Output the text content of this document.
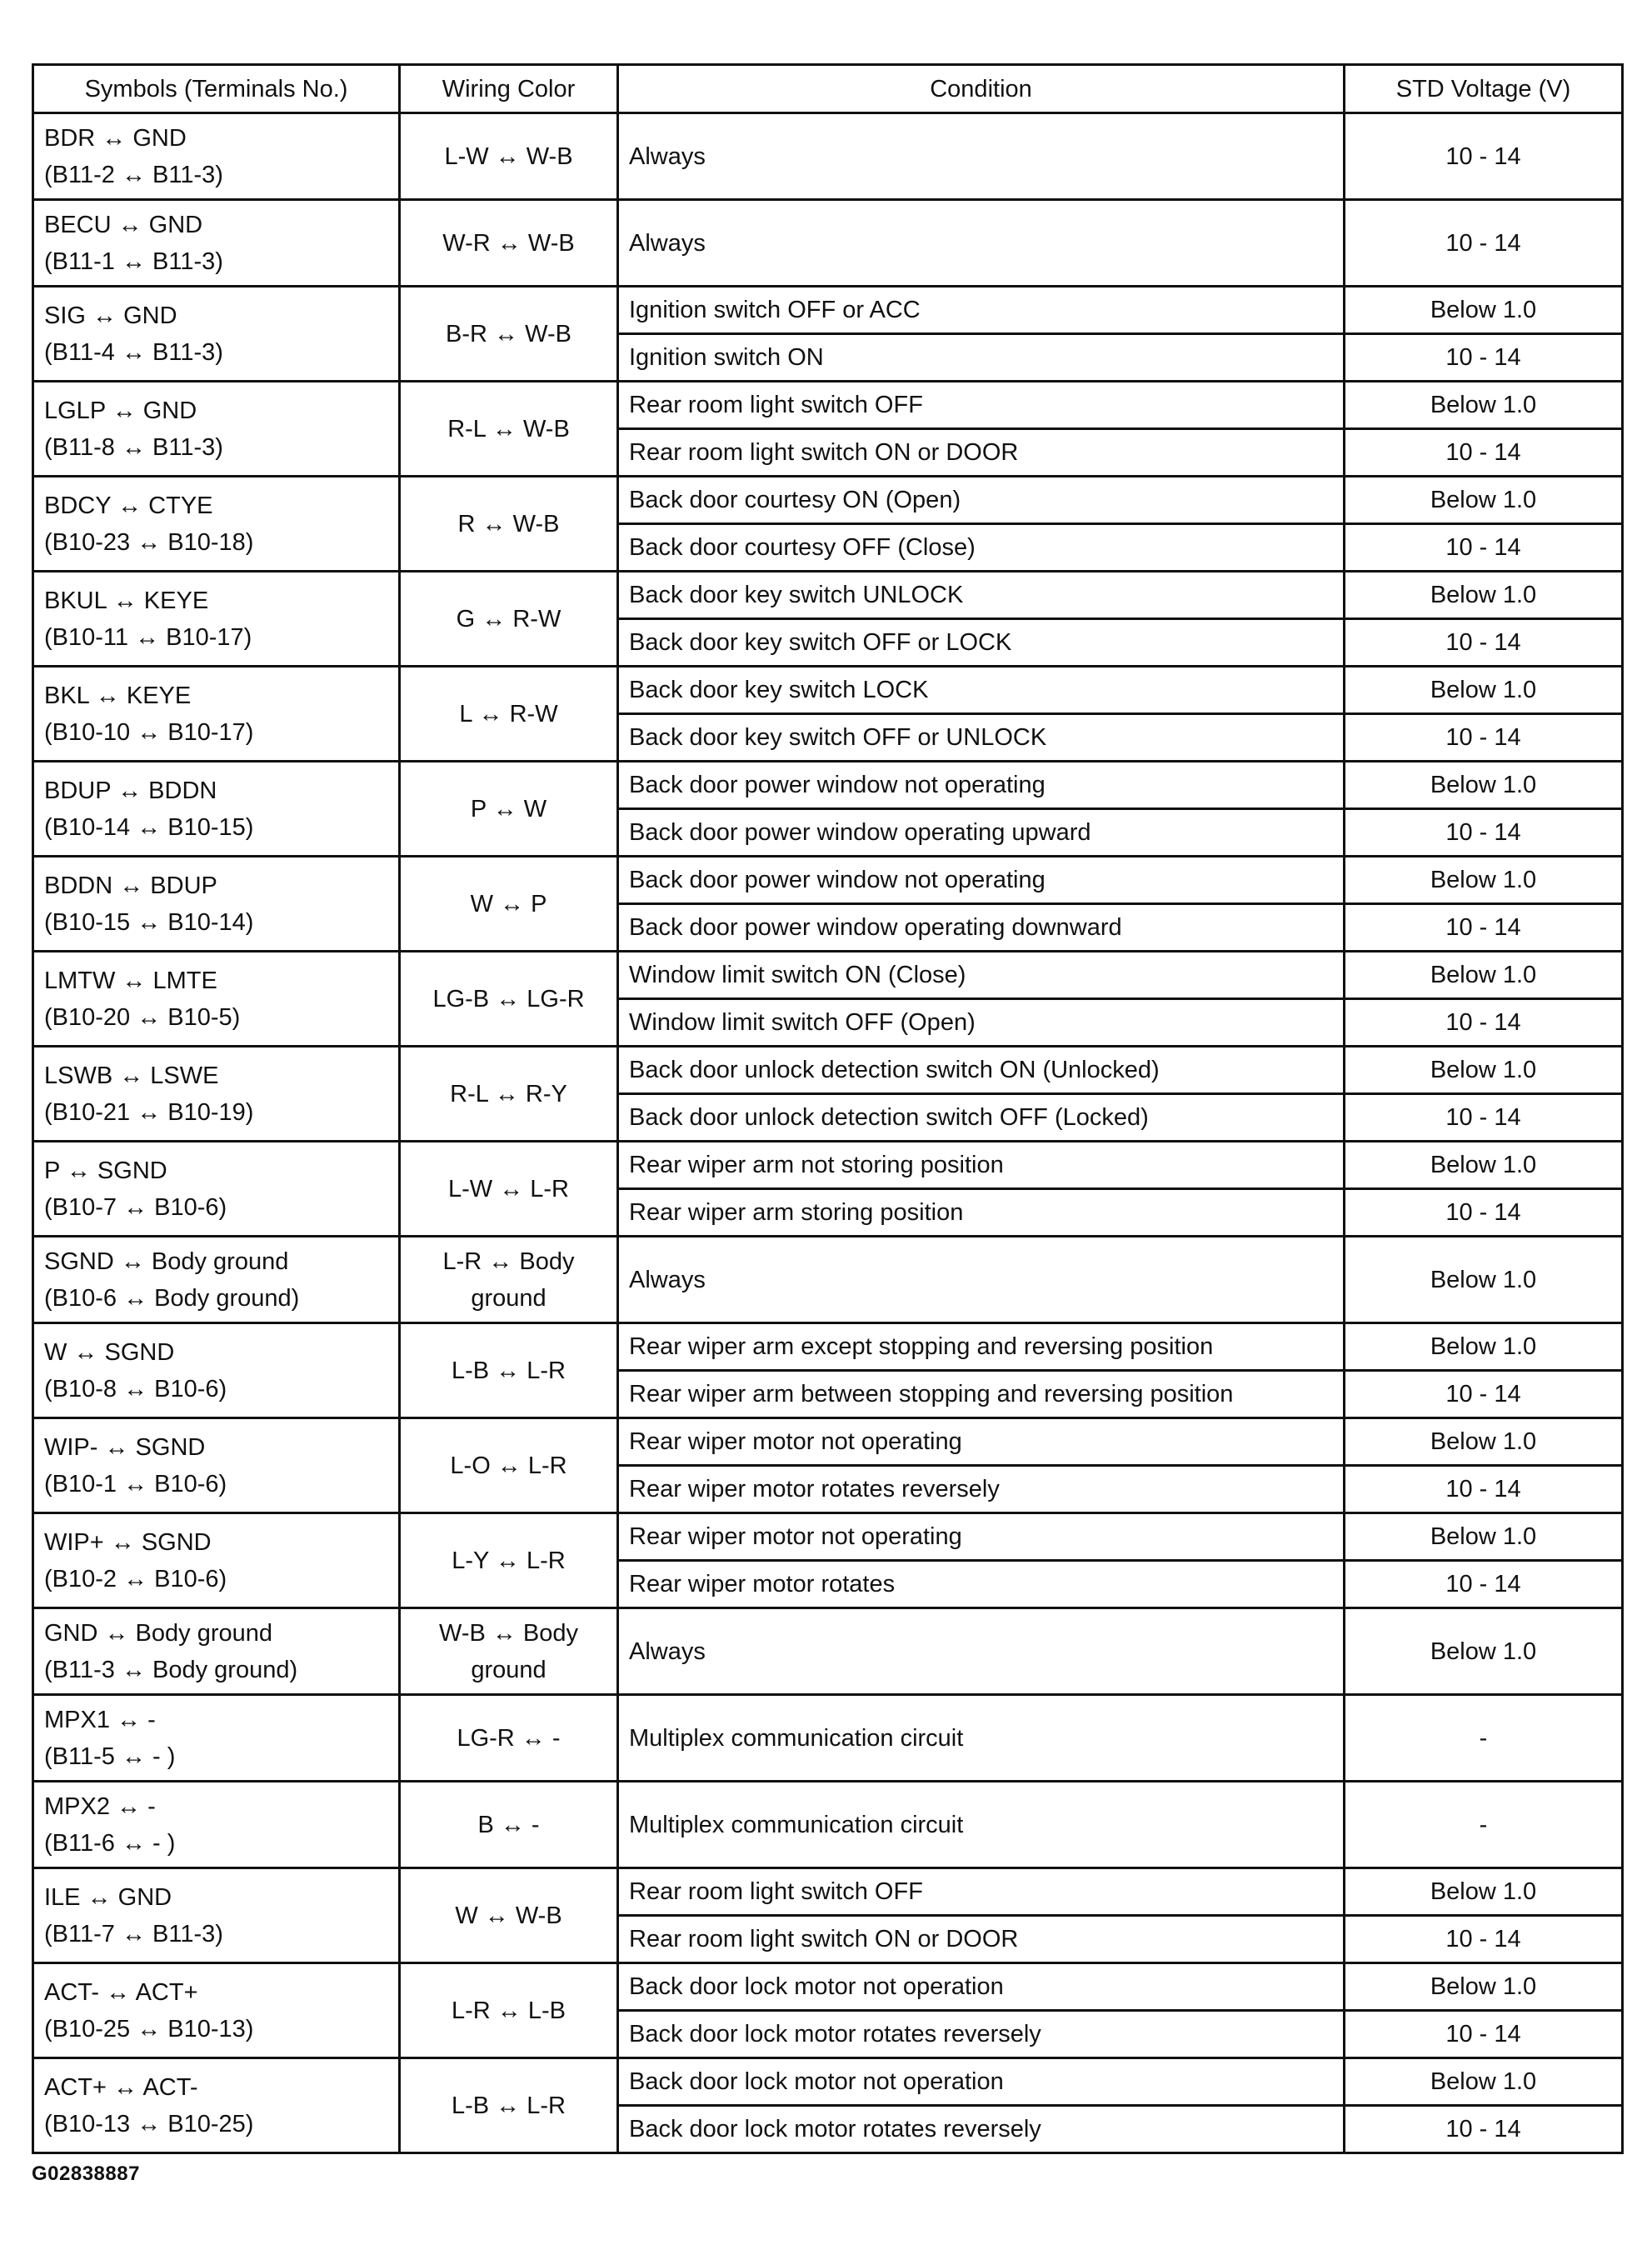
Symbols (Terminals No.)	Wiring Color	Condition	STD Voltage (V)

BDR ↔ GND
(B11-2 ↔ B11-3)	L-W ↔ W-B	Always	10 - 14

BECU ↔ GND
(B11-1 ↔ B11-3)	W-R ↔ W-B	Always	10 - 14

SIG ↔ GND
(B11-4 ↔ B11-3)	B-R ↔ W-B	Ignition switch OFF or ACC	Below 1.0
		Ignition switch ON	10 - 14

LGLP ↔ GND
(B11-8 ↔ B11-3)	R-L ↔ W-B	Rear room light switch OFF	Below 1.0
		Rear room light switch ON or DOOR	10 - 14

BDCY ↔ CTYE
(B10-23 ↔ B10-18)	R ↔ W-B	Back door courtesy ON (Open)	Below 1.0
		Back door courtesy OFF (Close)	10 - 14

BKUL ↔ KEYE
(B10-11 ↔ B10-17)	G ↔ R-W	Back door key switch UNLOCK	Below 1.0
		Back door key switch OFF or LOCK	10 - 14

BKL ↔ KEYE
(B10-10 ↔ B10-17)	L ↔ R-W	Back door key switch LOCK	Below 1.0
		Back door key switch OFF or UNLOCK	10 - 14

BDUP ↔ BDDN
(B10-14 ↔ B10-15)	P ↔ W	Back door power window not operating	Below 1.0
		Back door power window operating upward	10 - 14

BDDN ↔ BDUP
(B10-15 ↔ B10-14)	W ↔ P	Back door power window not operating	Below 1.0
		Back door power window operating downward	10 - 14

LMTW ↔ LMTE
(B10-20 ↔ B10-5)	LG-B ↔ LG-R	Window limit switch ON (Close)	Below 1.0
		Window limit switch OFF (Open)	10 - 14

LSWB ↔ LSWE
(B10-21 ↔ B10-19)	R-L ↔ R-Y	Back door unlock detection switch ON (Unlocked)	Below 1.0
		Back door unlock detection switch OFF (Locked)	10 - 14

P ↔ SGND
(B10-7 ↔ B10-6)	L-W ↔ L-R	Rear wiper arm not storing position	Below 1.0
		Rear wiper arm storing position	10 - 14

SGND ↔ Body ground
(B10-6 ↔ Body ground)	L-R ↔ Body
ground	Always	Below 1.0

W ↔ SGND
(B10-8 ↔ B10-6)	L-B ↔ L-R	Rear wiper arm except stopping and reversing position	Below 1.0
		Rear wiper arm between stopping and reversing position	10 - 14

WIP- ↔ SGND
(B10-1 ↔ B10-6)	L-O ↔ L-R	Rear wiper motor not operating	Below 1.0
		Rear wiper motor rotates reversely	10 - 14

WIP+ ↔ SGND
(B10-2 ↔ B10-6)	L-Y ↔ L-R	Rear wiper motor not operating	Below 1.0
		Rear wiper motor rotates	10 - 14

GND ↔ Body ground
(B11-3 ↔ Body ground)	W-B ↔ Body
ground	Always	Below 1.0

MPX1 ↔ -
(B11-5 ↔ - )	LG-R ↔ -	Multiplex communication circuit	-

MPX2 ↔ -
(B11-6 ↔ - )	B ↔ -	Multiplex communication circuit	-

ILE ↔ GND
(B11-7 ↔ B11-3)	W ↔ W-B	Rear room light switch OFF	Below 1.0
		Rear room light switch ON or DOOR	10 - 14

ACT- ↔ ACT+
(B10-25 ↔ B10-13)	L-R ↔ L-B	Back door lock motor not operation	Below 1.0
		Back door lock motor rotates reversely	10 - 14

ACT+ ↔ ACT-
(B10-13 ↔ B10-25)	L-B ↔ L-R	Back door lock motor not operation	Below 1.0
		Back door lock motor rotates reversely	10 - 14
G02838887
